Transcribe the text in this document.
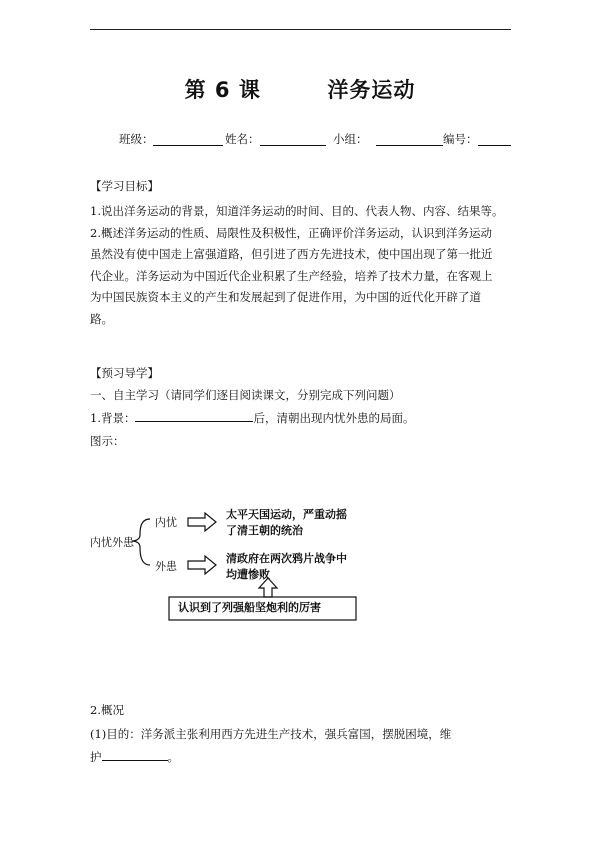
第 6 课        洋务运动
班级：	姓名：	小组：	编号：
【学习目标】
1.说出洋务运动的背景，知道洋务运动的时间、目的、代表人物、内容、结果等。
2.概述洋务运动的性质、局限性及积极性，正确评价洋务运动，认识到洋务运动
虽然没有使中国走上富强道路，但引进了西方先进技术，使中国出现了第一批近
代企业。洋务运动为中国近代企业积累了生产经验，培养了技术力量，在客观上
为中国民族资本主义的产生和发展起到了促进作用，为中国的近代化开辟了道
路。
【预习导学】
一、自主学习（请同学们逐目阅读课文，分别完成下列问题）
1.背景：	后，清朝出现内忧外患的局面。
图示：
内忧外患
内忧
外患
太平天国运动，严重动摇
了清王朝的统治
清政府在两次鸦片战争中
均遭惨败
认识到了列强船坚炮利的厉害
2.概况
(1)目的：洋务派主张利用西方先进生产技术，强兵富国，摆脱困境，维
护	。
